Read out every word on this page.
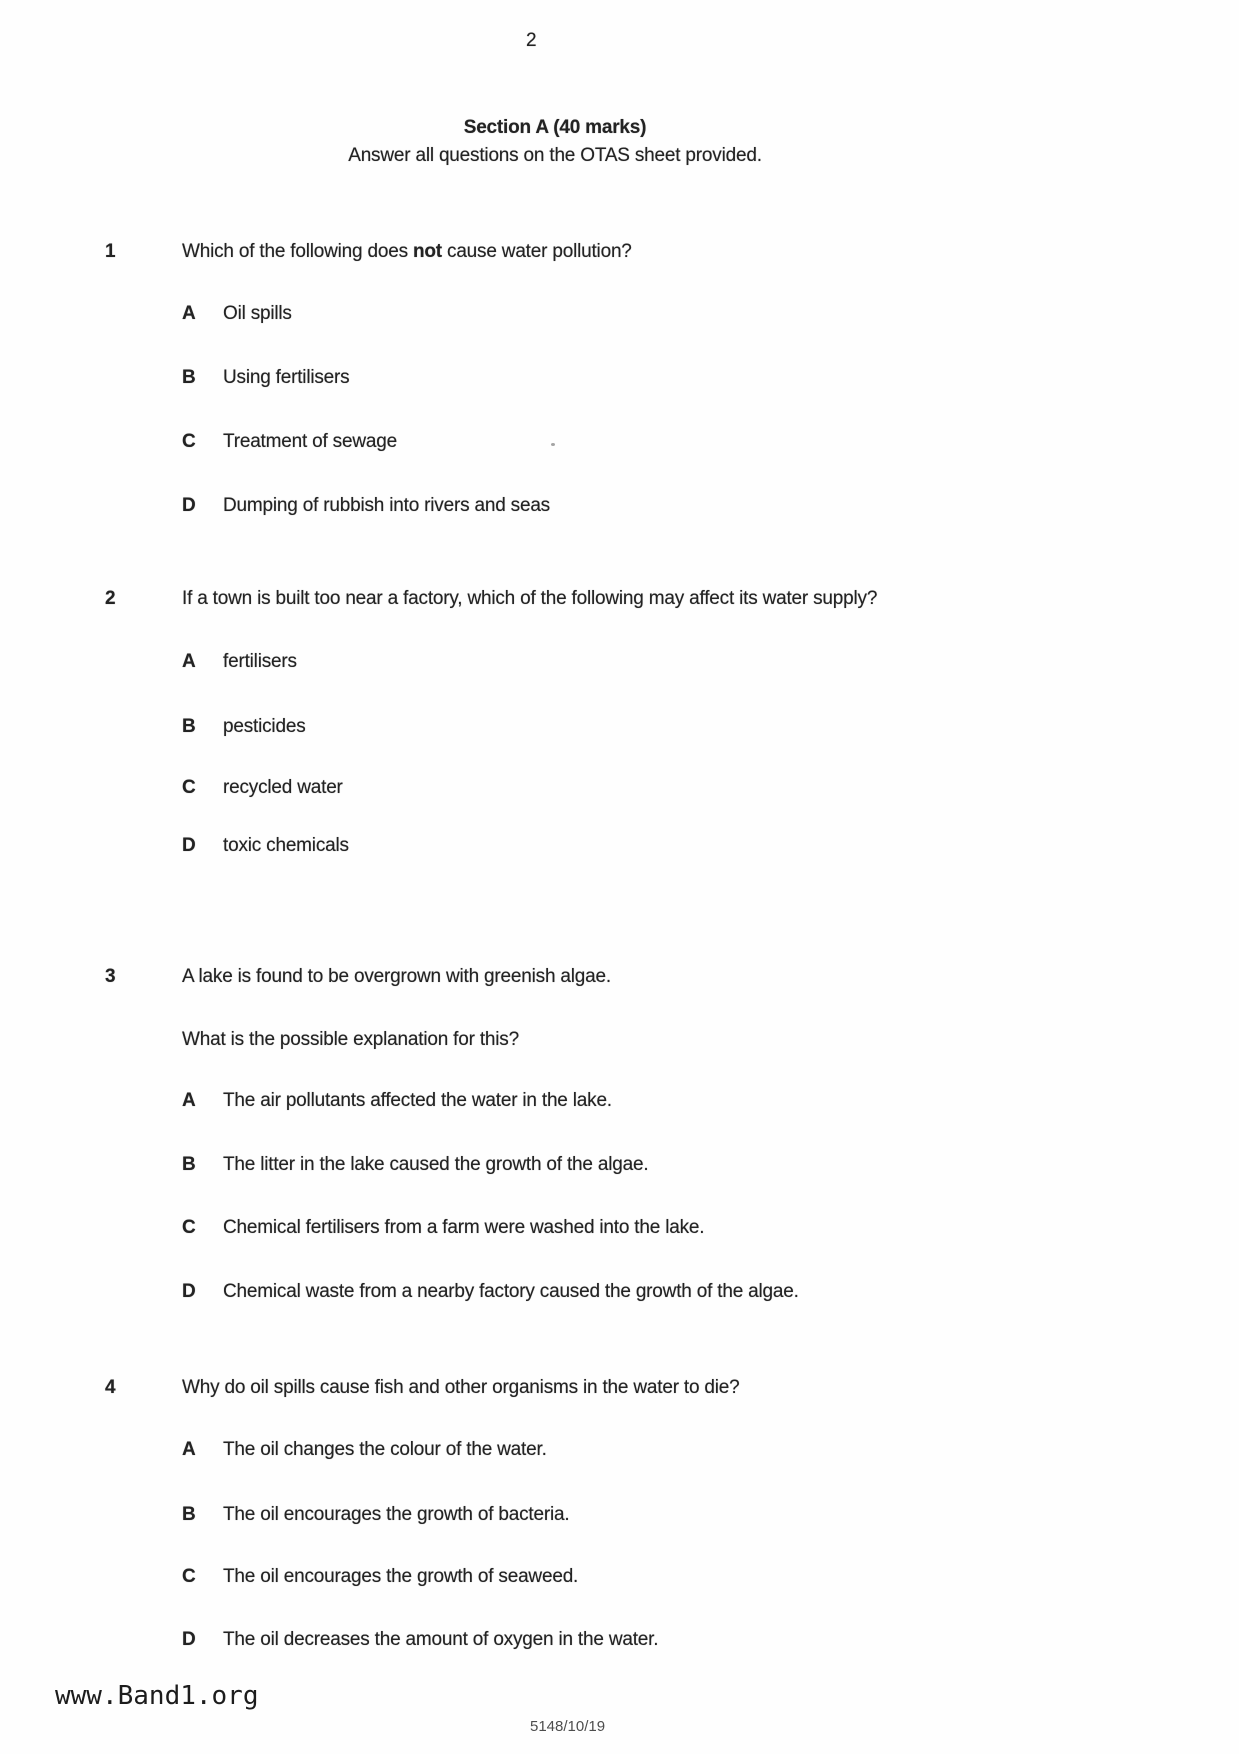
2
Section A (40 marks)
Answer all questions on the OTAS sheet provided.
1	Which of the following does not cause water pollution?
A Oil spills
B Using fertilisers
C Treatment of sewage
D Dumping of rubbish into rivers and seas
2	If a town is built too near a factory, which of the following may affect its water supply?
A fertilisers
B pesticides
C recycled water
D toxic chemicals
3	A lake is found to be overgrown with greenish algae.
What is the possible explanation for this?
A The air pollutants affected the water in the lake.
B The litter in the lake caused the growth of the algae.
C Chemical fertilisers from a farm were washed into the lake.
D Chemical waste from a nearby factory caused the growth of the algae.
4	Why do oil spills cause fish and other organisms in the water to die?
A The oil changes the colour of the water.
B The oil encourages the growth of bacteria.
C The oil encourages the growth of seaweed.
D The oil decreases the amount of oxygen in the water.
www.Band1.org
5148/10/19
